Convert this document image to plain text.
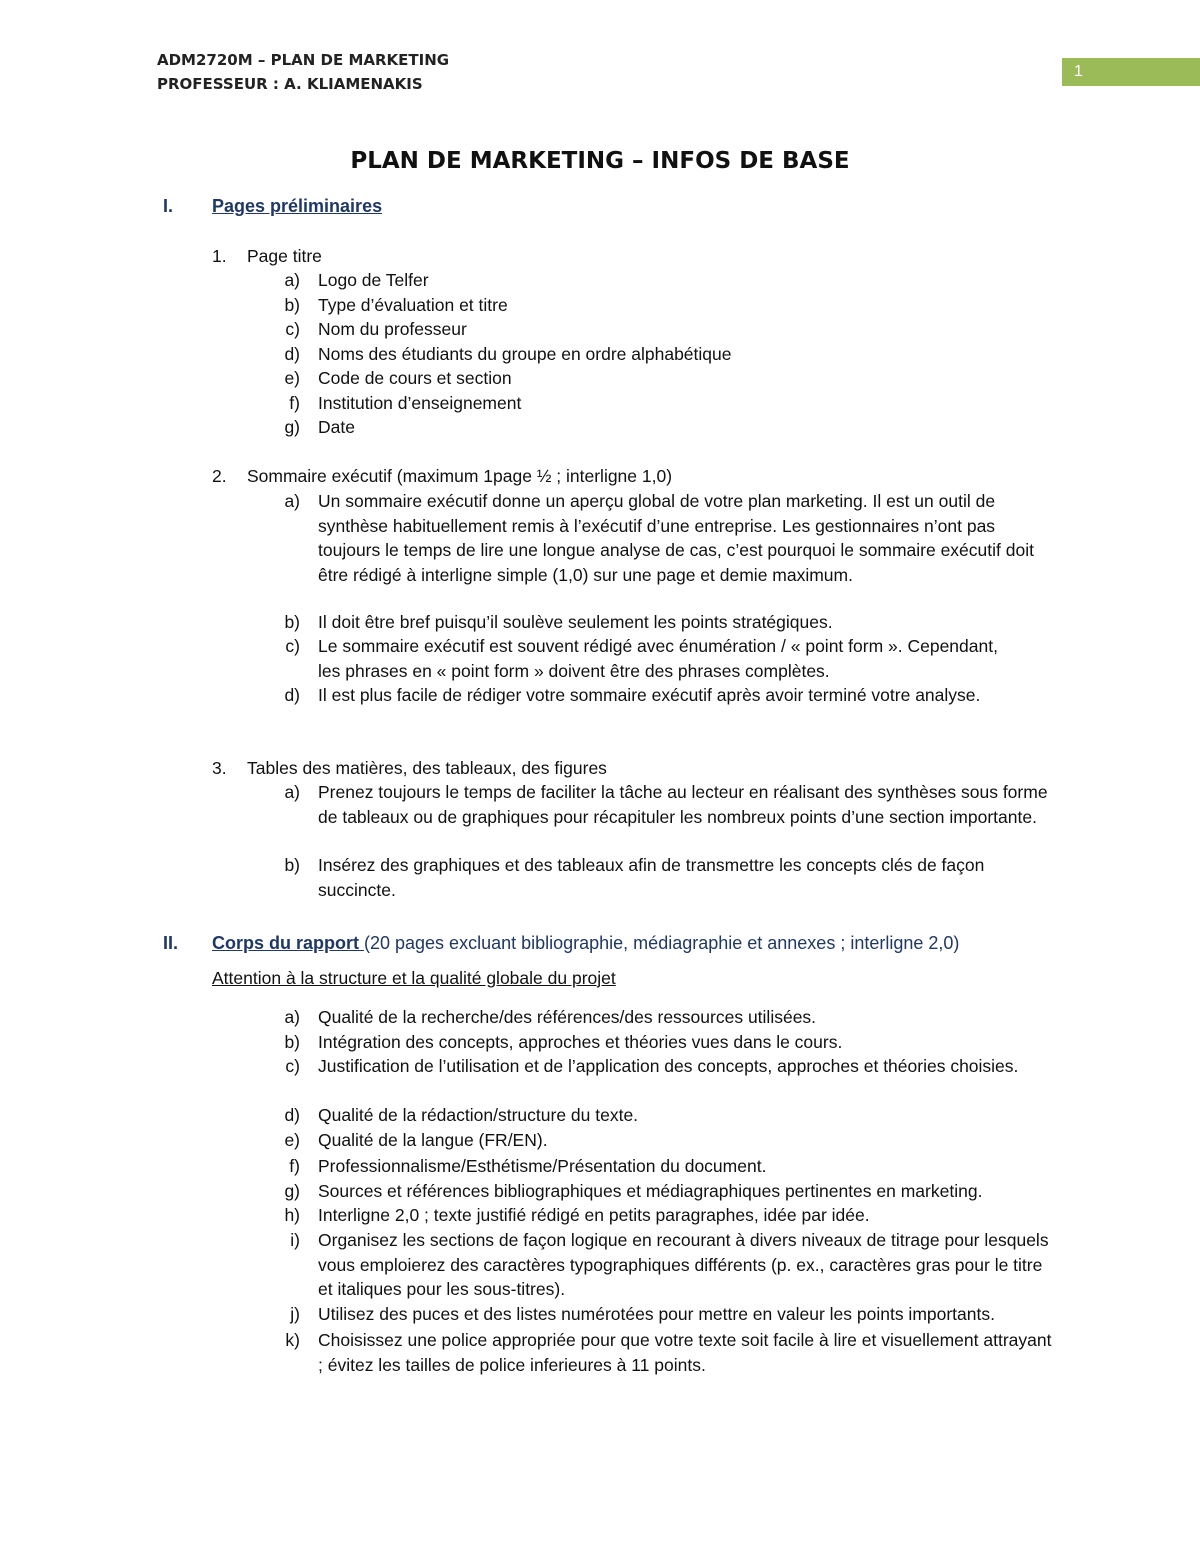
ADM2720M – PLAN DE MARKETING
PROFESSEUR : A. KLIAMENAKIS
1
PLAN DE MARKETING – INFOS DE BASE
I. Pages préliminaires
1. Page titre
a) Logo de Telfer
b) Type d’évaluation et titre
c) Nom du professeur
d) Noms des étudiants du groupe en ordre alphabétique
e) Code de cours et section
f) Institution d’enseignement
g) Date
2. Sommaire exécutif (maximum 1page ½ ; interligne 1,0)
a) Un sommaire exécutif donne un aperçu global de votre plan marketing. Il est un outil de synthèse habituellement remis à l’exécutif d’une entreprise. Les gestionnaires n’ont pas toujours le temps de lire une longue analyse de cas, c’est pourquoi le sommaire exécutif doit être rédigé à interligne simple (1,0) sur une page et demie maximum.
b) Il doit être bref puisqu’il soulève seulement les points stratégiques.
c) Le sommaire exécutif est souvent rédigé avec énumération / « point form ». Cependant, les phrases en « point form » doivent être des phrases complètes.
d) Il est plus facile de rédiger votre sommaire exécutif après avoir terminé votre analyse.
3. Tables des matières, des tableaux, des figures
a) Prenez toujours le temps de faciliter la tâche au lecteur en réalisant des synthèses sous forme de tableaux ou de graphiques pour récapituler les nombreux points d’une section importante.
b) Insérez des graphiques et des tableaux afin de transmettre les concepts clés de façon succincte.
II. Corps du rapport (20 pages excluant bibliographie, médiagraphie et annexes ; interligne 2,0)
Attention à la structure et la qualité globale du projet
a) Qualité de la recherche/des références/des ressources utilisées.
b) Intégration des concepts, approches et théories vues dans le cours.
c) Justification de l’utilisation et de l’application des concepts, approches et théories choisies.
d) Qualité de la rédaction/structure du texte.
e) Qualité de la langue (FR/EN).
f) Professionnalisme/Esthétisme/Présentation du document.
g) Sources et références bibliographiques et médiagraphiques pertinentes en marketing.
h) Interligne 2,0 ; texte justifié rédigé en petits paragraphes, idée par idée.
i) Organisez les sections de façon logique en recourant à divers niveaux de titrage pour lesquels vous emploierez des caractères typographiques différents (p. ex., caractères gras pour le titre et italiques pour les sous-titres).
j) Utilisez des puces et des listes numérotées pour mettre en valeur les points importants.
k) Choisissez une police appropriée pour que votre texte soit facile à lire et visuellement attrayant ; évitez les tailles de police inferieures à 11 points.
